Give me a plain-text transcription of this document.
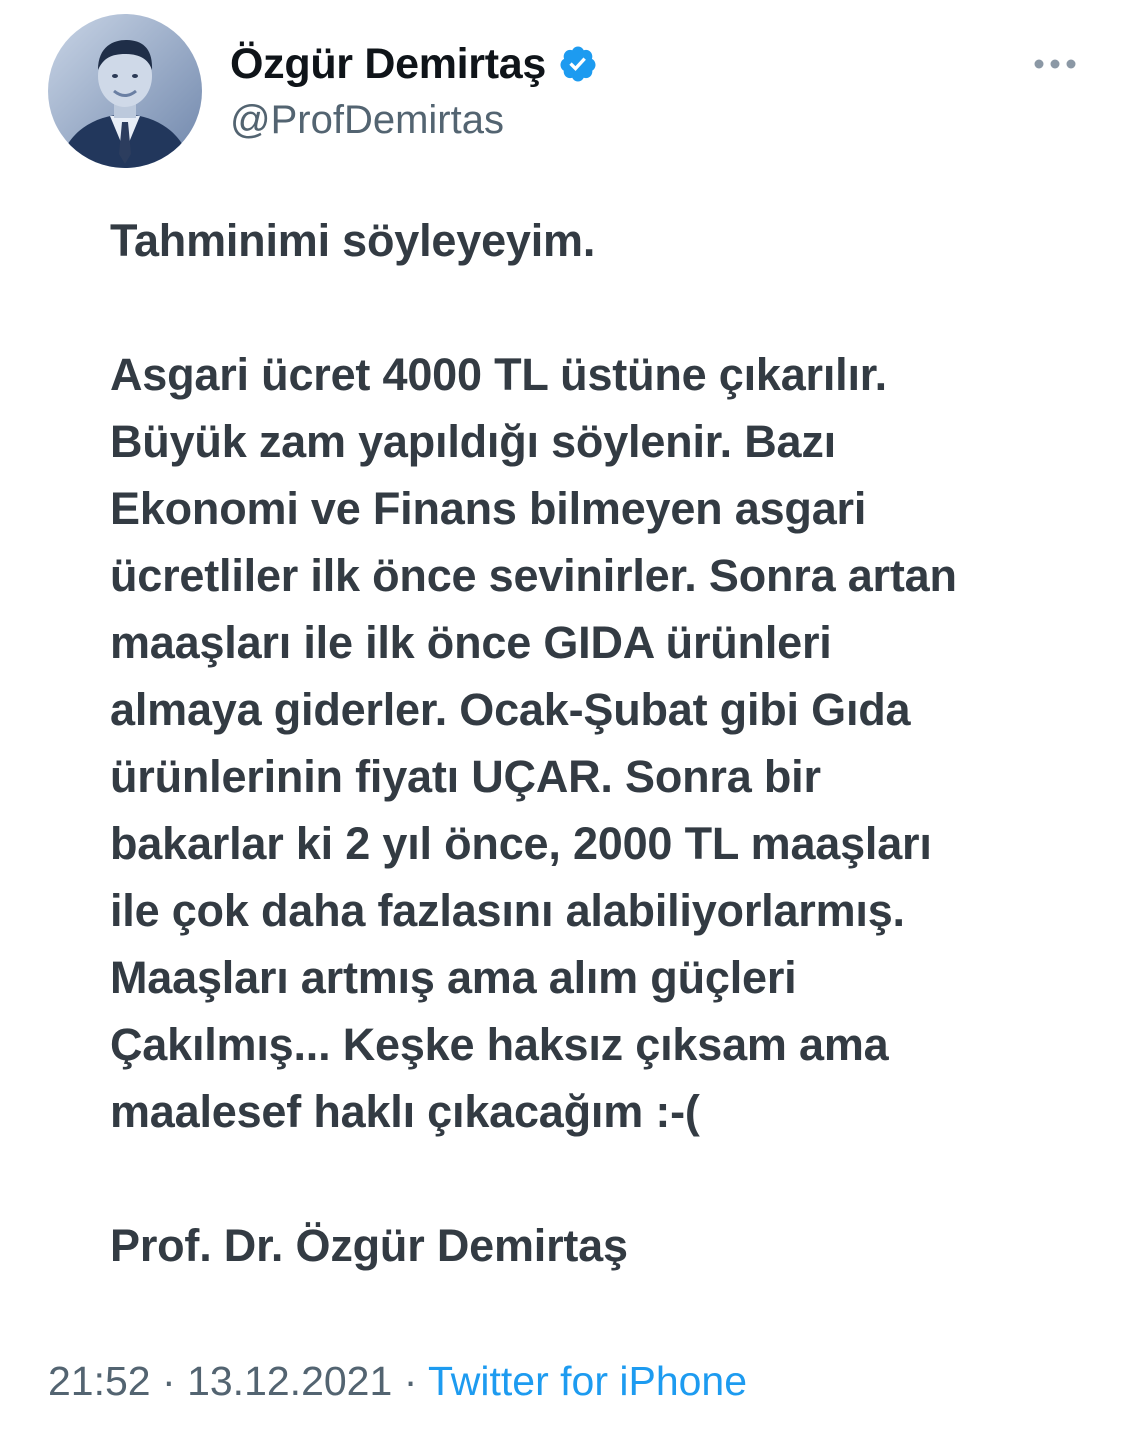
Özgür Demirtaş
@ProfDemirtas

Tahminimi söyleyeyim.

Asgari ücret 4000 TL üstüne çıkarılır.
Büyük zam yapıldığı söylenir. Bazı
Ekonomi ve Finans bilmeyen asgari
ücretliler ilk önce sevinirler. Sonra artan
maaşları ile ilk önce GIDA ürünleri
almaya giderler. Ocak-Şubat gibi Gıda
ürünlerinin fiyatı UÇAR. Sonra bir
bakarlar ki 2 yıl önce, 2000 TL maaşları
ile çok daha fazlasını alabiliyorlarmış.
Maaşları artmış ama alım güçleri
Çakılmış... Keşke haksız çıksam ama
maalesef haklı çıkacağım :-(

Prof. Dr. Özgür Demirtaş

21:52 · 13.12.2021 · Twitter for iPhone
